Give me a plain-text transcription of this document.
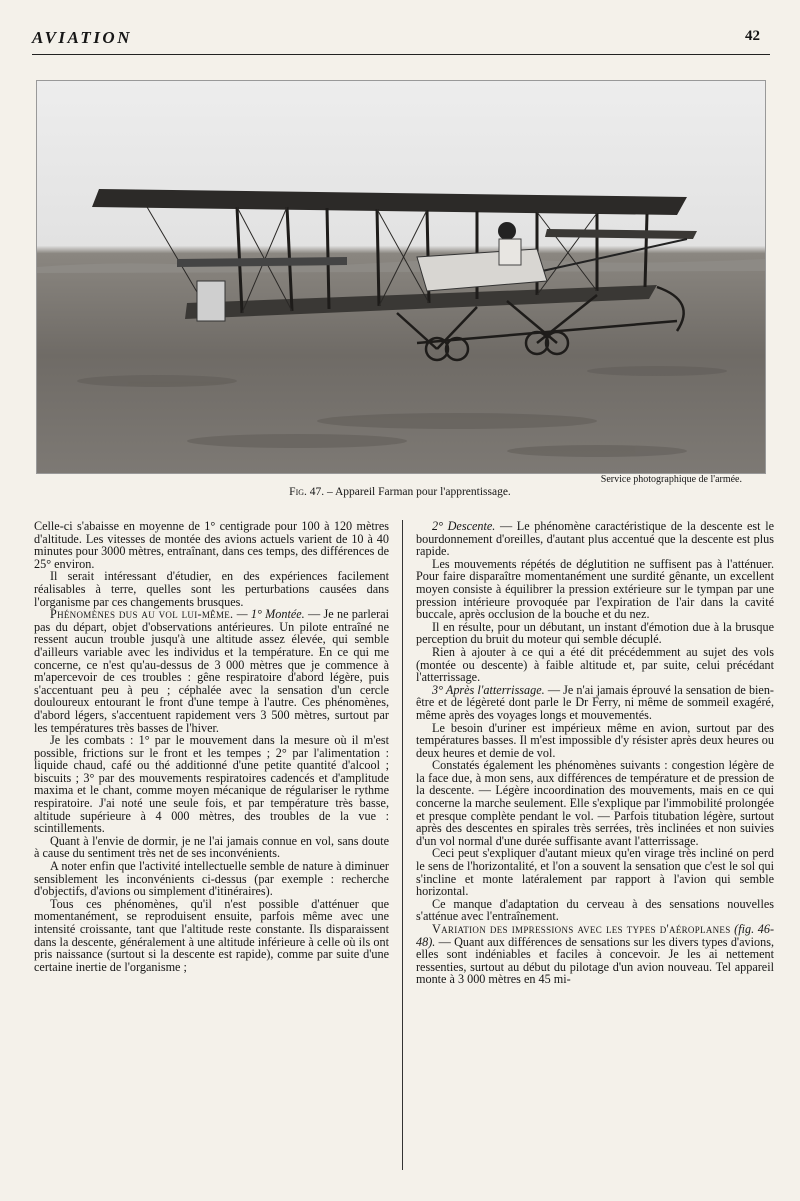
AVIATION	42
Service photographique de l'armée.
Fig. 47. – Appareil Farman pour l'apprentissage.

Celle-ci s'abaisse en moyenne de 1° centigrade pour 100 à 120 mètres d'altitude. Les vitesses de montée des avions actuels varient de 10 à 40 minutes pour 3000 mètres, entraînant, dans ces temps, des différences de 25° environ.

Il serait intéressant d'étudier, en des expériences facilement réalisables à terre, quelles sont les perturbations causées dans l'organisme par ces changements brusques.

Phénomènes dus au vol lui-même. — 1° Montée. — Je ne parlerai pas du départ, objet d'observations antérieures. Un pilote entraîné ne ressent aucun trouble jusqu'à une altitude assez élevée, qui semble d'ailleurs variable avec les individus et la température. En ce qui me concerne, ce n'est qu'au-dessus de 3 000 mètres que je commence à m'apercevoir de ces troubles : gêne respiratoire d'abord légère, puis s'accentuant peu à peu ; céphalée avec la sensation d'un cercle douloureux entourant le front d'une tempe à l'autre. Ces phénomènes, d'abord légers, s'accentuent rapidement vers 3 500 mètres, surtout par les températures très basses de l'hiver.

Je les combats : 1° par le mouvement dans la mesure où il m'est possible, frictions sur le front et les tempes ; 2° par l'alimentation : liquide chaud, café ou thé additionné d'une petite quantité d'alcool ; biscuits ; 3° par des mouvements respiratoires cadencés et d'amplitude maxima et le chant, comme moyen mécanique de régulariser le rythme respiratoire. J'ai noté une seule fois, et par température très basse, altitude supérieure à 4 000 mètres, des troubles de la vue : scintillements.

Quant à l'envie de dormir, je ne l'ai jamais connue en vol, sans doute à cause du sentiment très net de ses inconvénients.

A noter enfin que l'activité intellectuelle semble de nature à diminuer sensiblement les inconvénients ci-dessus (par exemple : recherche d'objectifs, d'avions ou simplement d'itinéraires).

Tous ces phénomènes, qu'il n'est possible d'atténuer que momentanément, se reproduisent ensuite, parfois même avec une intensité croissante, tant que l'altitude reste constante. Ils disparaissent dans la descente, généralement à une altitude inférieure à celle où ils ont pris naissance (surtout si la descente est rapide), comme par suite d'une certaine inertie de l'organisme ;

2° Descente. — Le phénomène caractéristique de la descente est le bourdonnement d'oreilles, d'autant plus accentué que la descente est plus rapide.

Les mouvements répétés de déglutition ne suffisent pas à l'atténuer. Pour faire disparaître momentanément une surdité gênante, un excellent moyen consiste à équilibrer la pression extérieure sur le tympan par une pression intérieure provoquée par l'expiration de l'air dans la cavité buccale, après occlusion de la bouche et du nez.

Il en résulte, pour un débutant, un instant d'émotion due à la brusque perception du bruit du moteur qui semble décuplé.

Rien à ajouter à ce qui a été dit précédemment au sujet des vols (montée ou descente) à faible altitude et, par suite, celui précédant l'atterrissage.

3° Après l'atterrissage. — Je n'ai jamais éprouvé la sensation de bien-être et de légèreté dont parle le Dr Ferry, ni même de sommeil exagéré, même après des voyages longs et mouvementés.

Le besoin d'uriner est impérieux même en avion, surtout par des températures basses. Il m'est impossible d'y résister après deux heures ou deux heures et demie de vol.

Constatés également les phénomènes suivants : congestion légère de la face due, à mon sens, aux différences de température et de pression de la descente. — Légère incoordination des mouvements, mais en ce qui concerne la marche seulement. Elle s'explique par l'immobilité prolongée et presque complète pendant le vol. — Parfois titubation légère, surtout après des descentes en spirales très serrées, très inclinées et non suivies d'un vol normal d'une durée suffisante avant l'atterrissage.

Ceci peut s'expliquer d'autant mieux qu'en virage très incliné on perd le sens de l'horizontalité, et l'on a souvent la sensation que c'est le sol qui s'incline et monte latéralement par rapport à l'avion qui semble horizontal.

Ce manque d'adaptation du cerveau à des sensations nouvelles s'atténue avec l'entraînement.

Variation des impressions avec les types d'aéroplanes (fig. 46-48). — Quant aux différences de sensations sur les divers types d'avions, elles sont indéniables et faciles à concevoir. Je les ai nettement ressenties, surtout au début du pilotage d'un avion nouveau. Tel appareil monte à 3 000 mètres en 45 mi-
